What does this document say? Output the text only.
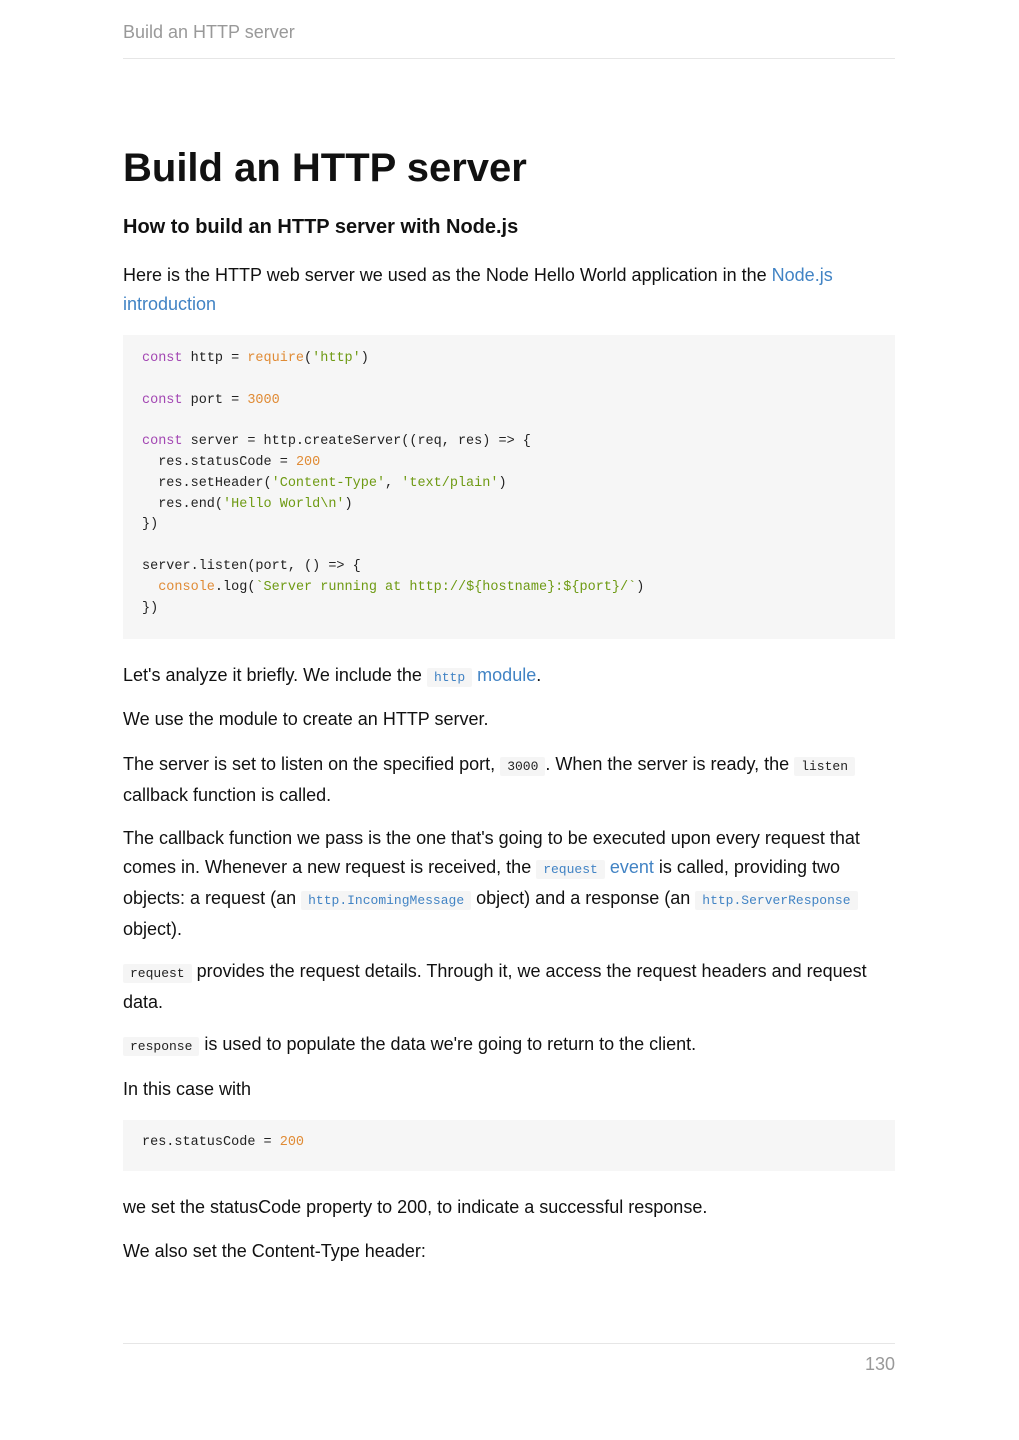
Build an HTTP server
Build an HTTP server
How to build an HTTP server with Node.js

Here is the HTTP web server we used as the Node Hello World application in the Node.js introduction

const http = require('http')

const port = 3000

const server = http.createServer((req, res) => {
res.statusCode = 200
res.setHeader('Content-Type', 'text/plain')
res.end('Hello World\n')
})

server.listen(port, () => {
console.log(`Server running at http://${hostname}:${port}/`)
})

Let's analyze it briefly. We include the http module.

We use the module to create an HTTP server.

The server is set to listen on the specified port, 3000 . When the server is ready, the listen
callback function is called.

The callback function we pass is the one that's going to be executed upon every request that comes in. Whenever a new request is received, the request event is called, providing two objects: a request (an http.IncomingMessage object) and a response (an http.ServerResponse object).

request provides the request details. Through it, we access the request headers and request data.

response is used to populate the data we're going to return to the client.

In this case with

res.statusCode = 200

we set the statusCode property to 200, to indicate a successful response.

We also set the Content-Type header:

130
